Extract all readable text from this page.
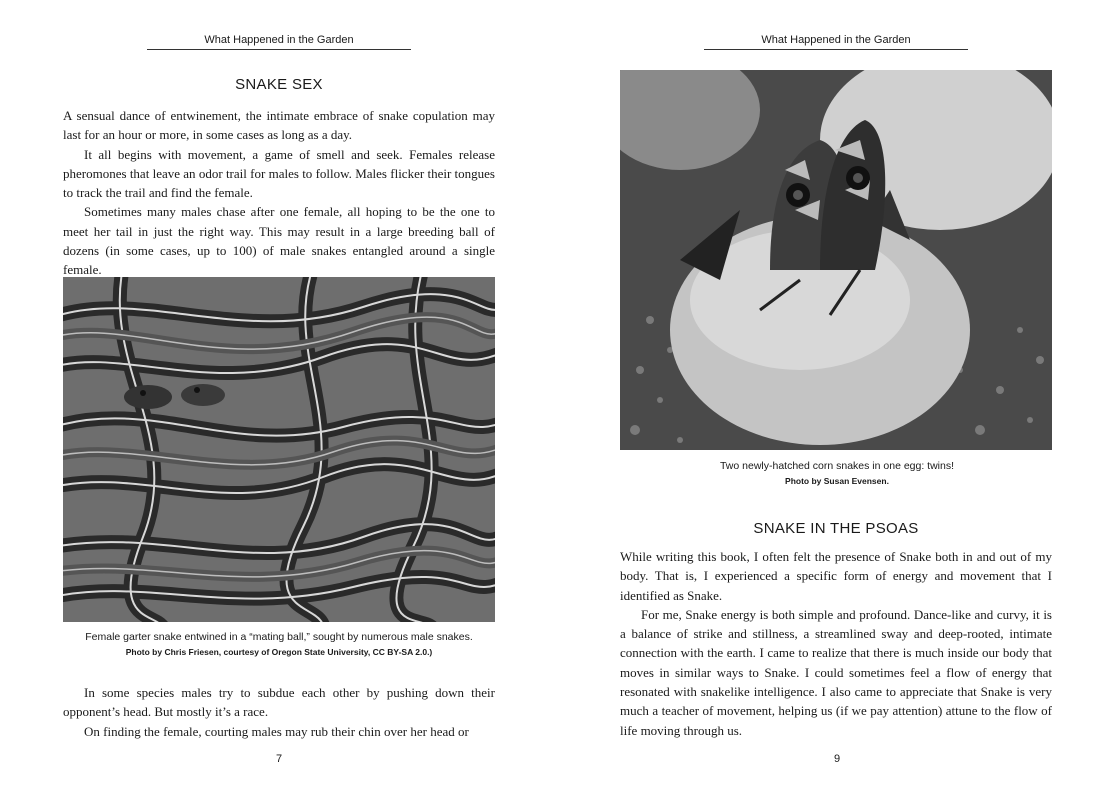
What Happened in the Garden
SNAKE SEX

A sensual dance of entwinement, the intimate embrace of snake copulation may last for an hour or more, in some cases as long as a day.

It all begins with movement, a game of smell and seek. Females release pheromones that leave an odor trail for males to follow. Males flicker their tongues to track the trail and find the female.

Sometimes many males chase after one female, all hoping to be the one to meet her tail in just the right way. This may result in a large breeding ball of dozens (in some cases, up to 100) of male snakes entangled around a single female.

Female garter snake entwined in a “mating ball,” sought by numerous male snakes.
Photo by Chris Friesen, courtesy of Oregon State University, CC BY-SA 2.0.)

In some species males try to subdue each other by pushing down their opponent’s head. But mostly it’s a race.

On finding the female, courting males may rub their chin over her head or

7
What Happened in the Garden
Two newly-hatched corn snakes in one egg: twins!
Photo by Susan Evensen.
SNAKE IN THE PSOAS

While writing this book, I often felt the presence of Snake both in and out of my body. That is, I experienced a specific form of energy and movement that I identified as Snake.

For me, Snake energy is both simple and profound. Dance-like and curvy, it is a balance of strike and stillness, a streamlined sway and deep-rooted, intimate connection with the earth. I came to realize that there is much inside our body that moves in similar ways to Snake. I could sometimes feel a flow of energy that resonated with snakelike intelligence. I also came to appreciate that Snake is very much a teacher of movement, helping us (if we pay attention) attune to the flow of life moving through us.

9
